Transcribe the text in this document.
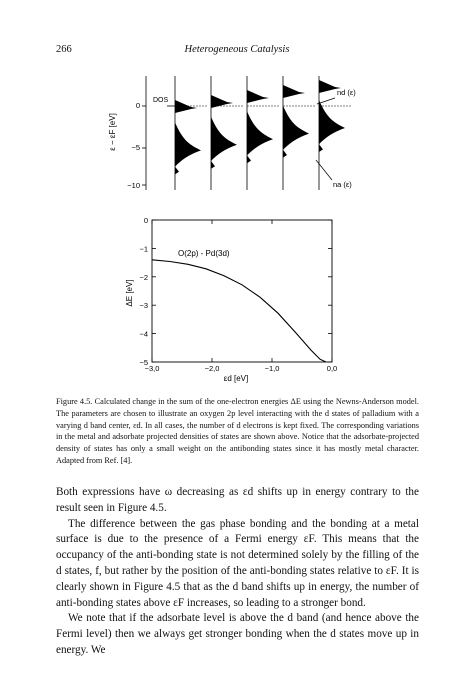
266	Heterogeneous Catalysis
ε − εF [eV]
0
−5
−10
DOS
nd (ε)
na (ε)
ΔE [eV]
εd [eV]
0
−1
−2
−3
−4
−5
−3,0	−2,0	−1,0	0,0
O(2p) - Pd(3d)
Figure 4.5. Calculated change in the sum of the one-electron energies ΔE using the Newns-Anderson model. The parameters are chosen to illustrate an oxygen 2p level interacting with the d states of palladium with a varying d band center, εd. In all cases, the number of d electrons is kept fixed. The corresponding variations in the metal and adsorbate projected densities of states are shown above. Notice that the adsorbate-projected density of states has only a small weight on the antibonding states since it has mostly metal character. Adapted from Ref. [4].

Both expressions have ω decreasing as εd shifts up in energy contrary to the result seen in Figure 4.5.

The difference between the gas phase bonding and the bonding at a metal surface is due to the presence of a Fermi energy εF. This means that the occupancy of the anti-bonding state is not determined solely by the filling of the d states, f, but rather by the position of the anti-bonding states relative to εF. It is clearly shown in Figure 4.5 that as the d band shifts up in energy, the number of anti-bonding states above εF increases, so leading to a stronger bond.

We note that if the adsorbate level is above the d band (and hence above the Fermi level) then we always get stronger bonding when the d states move up in energy. We
